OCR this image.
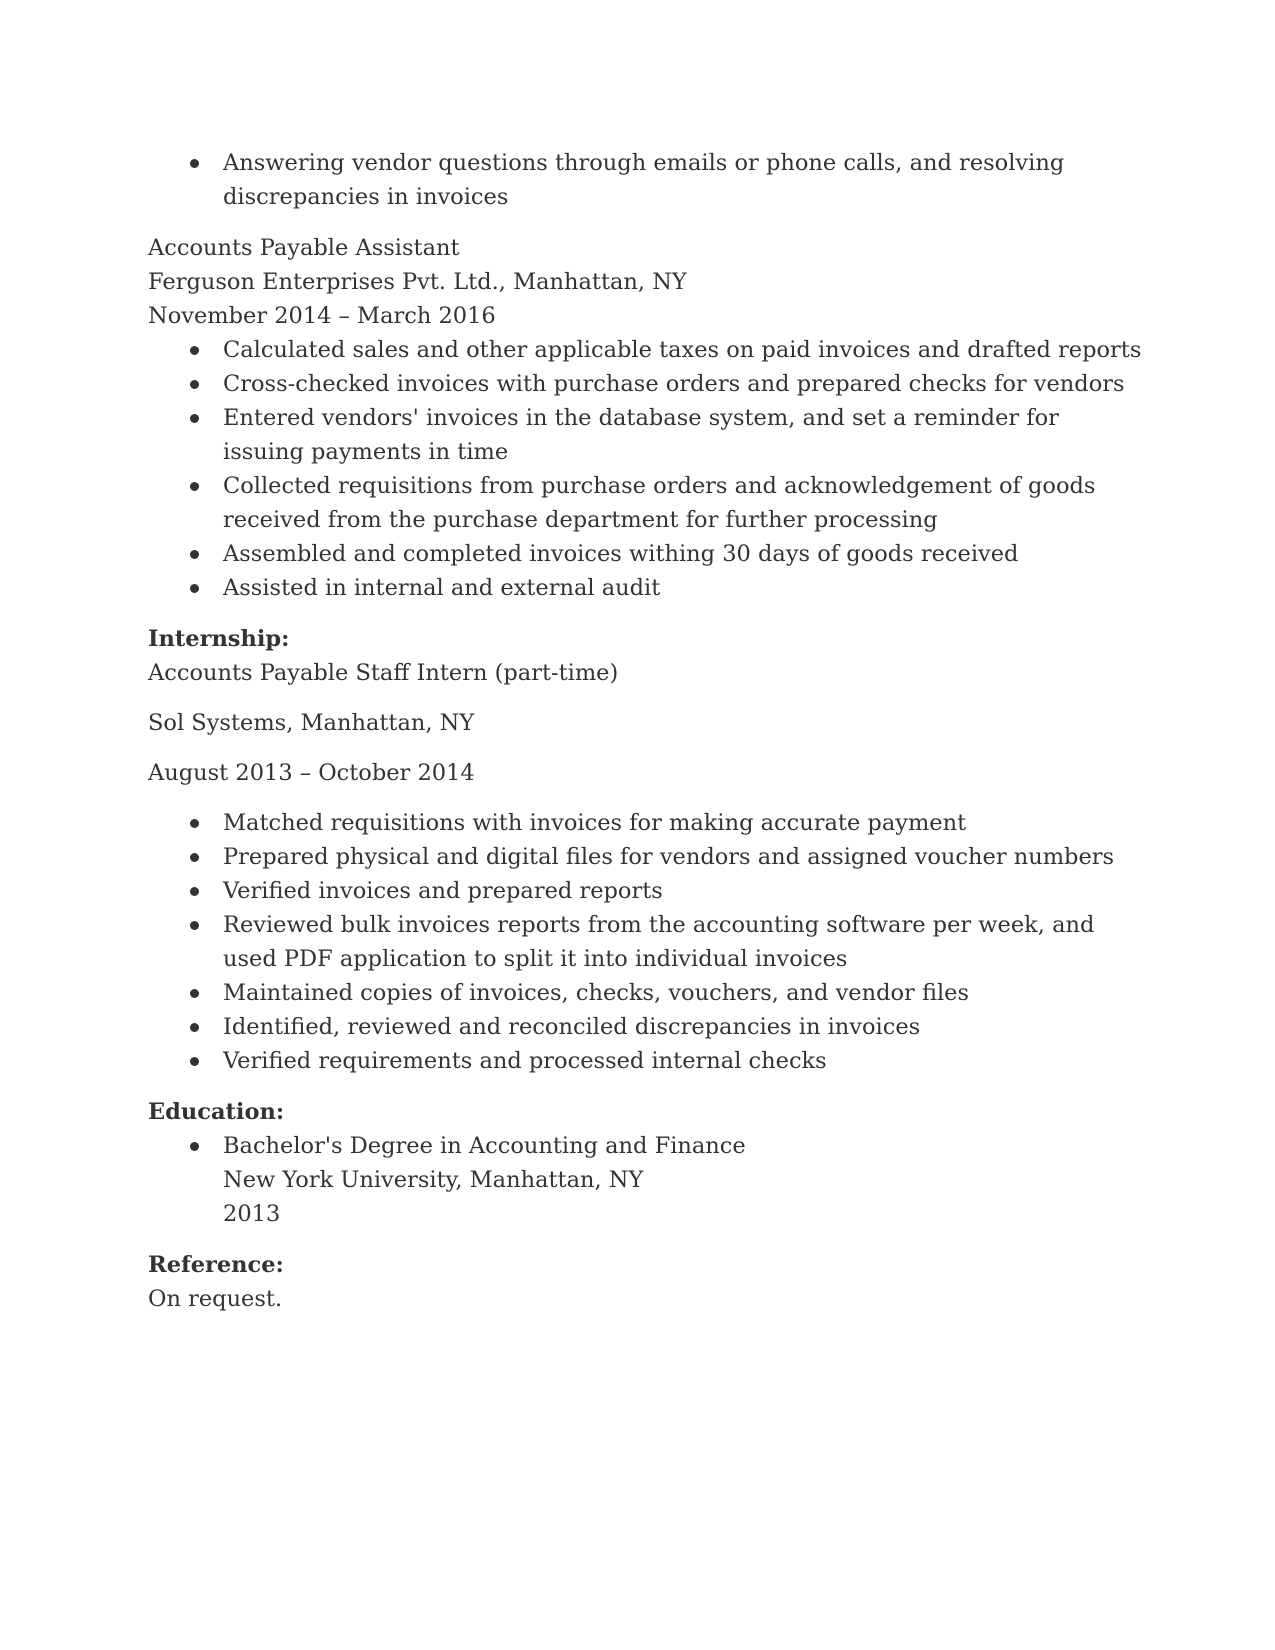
Answering vendor questions through emails or phone calls, and resolving discrepancies in invoices

Accounts Payable Assistant

Ferguson Enterprises Pvt. Ltd., Manhattan, NY

November 2014 – March 2016

Calculated sales and other applicable taxes on paid invoices and drafted reports
Cross-checked invoices with purchase orders and prepared checks for vendors
Entered vendors' invoices in the database system, and set a reminder for issuing payments in time
Collected requisitions from purchase orders and acknowledgement of goods received from the purchase department for further processing
Assembled and completed invoices withing 30 days of goods received
Assisted in internal and external audit

Internship:

Accounts Payable Staff Intern (part-time)

Sol Systems, Manhattan, NY

August 2013 – October 2014

Matched requisitions with invoices for making accurate payment
Prepared physical and digital files for vendors and assigned voucher numbers
Verified invoices and prepared reports
Reviewed bulk invoices reports from the accounting software per week, and used PDF application to split it into individual invoices
Maintained copies of invoices, checks, vouchers, and vendor files
Identified, reviewed and reconciled discrepancies in invoices
Verified requirements and processed internal checks

Education:

Bachelor's Degree in Accounting and Finance
New York University, Manhattan, NY
2013

Reference:

On request.
